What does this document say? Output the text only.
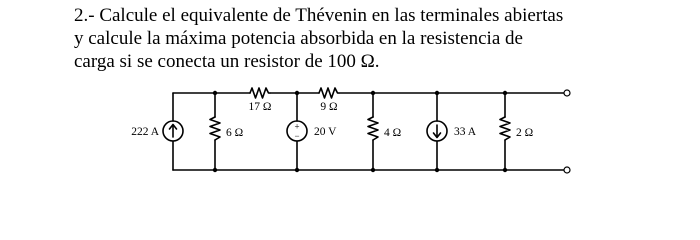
2.- Calcule el equivalente de Thévenin en las terminales abiertas
y calcule la máxima potencia absorbida en la resistencia de
carga si se conecta un resistor de 100 Ω.
17 Ω	9 Ω
222 A	6 Ω
+
− 20 V	4 Ω	33 A	2 Ω
